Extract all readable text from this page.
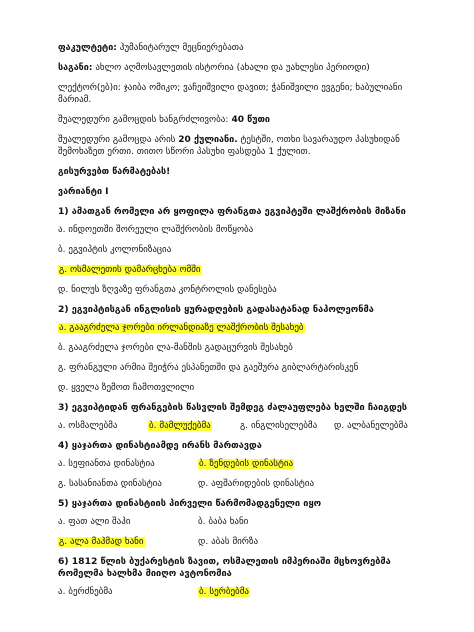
ფაკულტეტი: ჰუმანიტარულ მეცნიერებათა
საგანი: ახლო აღმოსავლეთის ისტორია (ახალი და უახლესი პერიოდი)
ლექტორ(ებ)ი: ჯაიბა ომიკო; ვაჩეიშვილი დავით; ჭანიშვილი ევგენი; ხაბულიანი მარიამ.
შუალედური გამოცდის ხანგრძლივობა: 40 წუთი
შუალედური გამოცდა არის 20 ქულიანი. ტესტში, ოთხი სავარაუდო პასუხიდან შემოხაზეთ ერთი. თითო სწორი პასუხი ფასდება 1 ქულით.
გისურვებთ წარმატებას!
ვარიანტი I
1) ამათგან რომელი არ ყოფილა ფრანგთა ეგვიპტეში ლაშქრობის მიზანი
ა. ინდოეთში შორეული ლაშქრობის მოწყობა
ბ. ეგვიპტის კოლონიზაცია
გ. ოსმალეთის დამარცხება ომში
დ. ნილუს ზღვაზე ფრანგთა კონტროლის დანესება
2) ეგვიპტისგან ინგლისის ყურადღების გადასატანად ნაპოლეონმა
ა. გააგრძელა ჯორები ირლანდიაზე ლაშქრობის შესახებ
ბ. გააგრძელა ჯორები ლა-მანშის გადაცურვის შესახებ
გ. ფრანგული არმია შეიჭრა ესპანეთში და გაეშურა გიბლარტარისკენ
დ. ყველა ზემოთ ჩამოთვლილი
3) ეგვიპტიდან ფრანგების წასვლის შემდეგ ძალაუფლება ხელში ჩაიგდეს
ა. ოსმალებმა	ბ. მამლუქებმა	გ. ინგლისელებმა	დ. ალბანელებმა
4) ყაჯართა დინასტიამდე ირანს მართავდა
ა. სეფიანთა დინასტია	ბ. ზენდების დინასტია
გ. სასანიანთა დინასტია	დ. აფშარიდების დინასტია
5) ყაჯართა დინასტიის პირველი წარმომადგენელი იყო
ა. ფათ ალი შაჰი	ბ. ბაბა ხანი
გ. ალა მაჰმად ხანი	დ. აბას მირზა
6) 1812 წლის ბუქარესტის ზავით, ოსმალეთის იმპერიაში მცხოვრებმა რომელმა ხალხმა მიიღო ავტონომია
ა. ბერძნებმა	ბ. სერბებმა
